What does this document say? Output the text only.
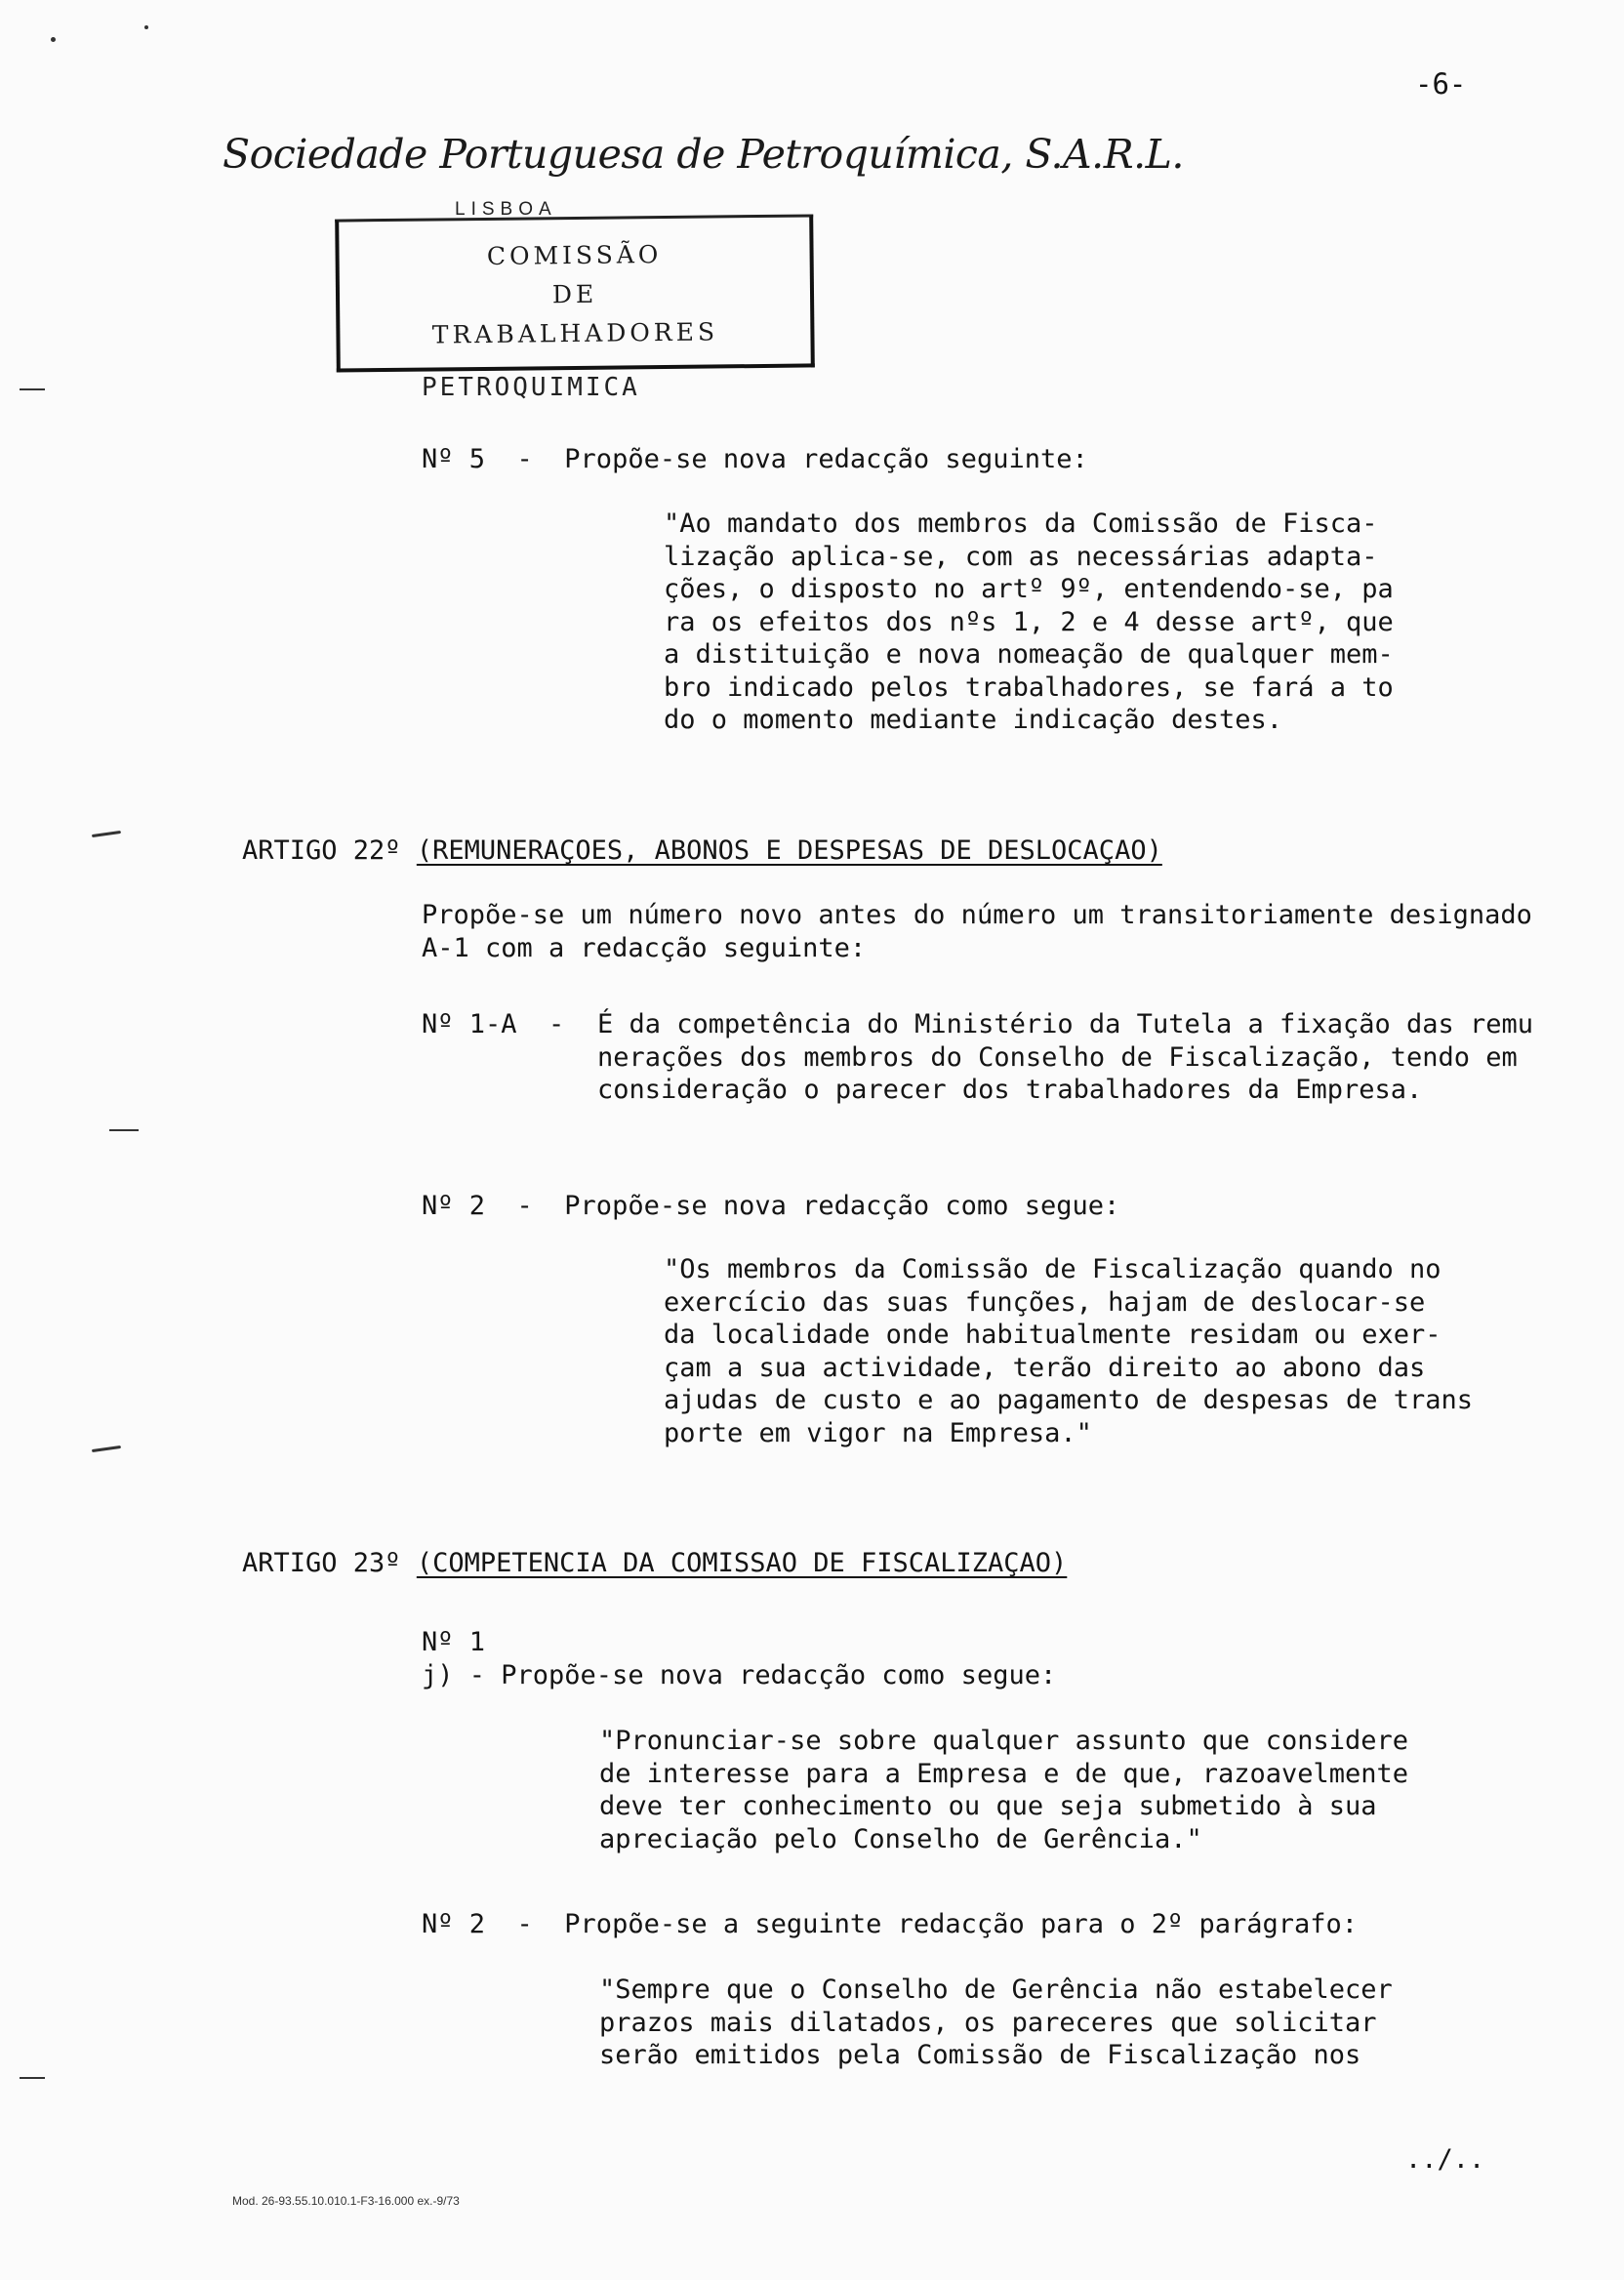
-6-
Sociedade Portuguesa de Petroquímica, S.A.R.L.
LISBOA
COMISSÃO
DE
TRABALHADORES
PETROQUIMICA
Nº 5  -  Propõe-se nova redacção seguinte:
"Ao mandato dos membros da Comissão de Fisca-
lização aplica-se, com as necessárias adapta-
ções, o disposto no artº 9º, entendendo-se, pa
ra os efeitos dos nºs 1, 2 e 4 desse artº, que
a distituição e nova nomeação de qualquer mem-
bro indicado pelos trabalhadores, se fará a to
do o momento mediante indicação destes.
ARTIGO 22º (REMUNERAÇOES, ABONOS E DESPESAS DE DESLOCAÇAO)
Propõe-se um número novo antes do número um transitoriamente designado
A-1 com a redacção seguinte:
Nº 1-A  - É da competência do Ministério da Tutela a fixação das remu
nerações dos membros do Conselho de Fiscalização, tendo em
consideração o parecer dos trabalhadores da Empresa.
Nº 2  -  Propõe-se nova redacção como segue:
"Os membros da Comissão de Fiscalização quando no
exercício das suas funções, hajam de deslocar-se
da localidade onde habitualmente residam ou exer-
çam a sua actividade, terão direito ao abono das
ajudas de custo e ao pagamento de despesas de trans
porte em vigor na Empresa."
ARTIGO 23º (COMPETENCIA DA COMISSAO DE FISCALIZAÇAO)
Nº 1
j) - Propõe-se nova redacção como segue:
"Pronunciar-se sobre qualquer assunto que considere
de interesse para a Empresa e de que, razoavelmente
deve ter conhecimento ou que seja submetido à sua
apreciação pelo Conselho de Gerência."
Nº 2  -  Propõe-se a seguinte redacção para o 2º parágrafo:
"Sempre que o Conselho de Gerência não estabelecer
prazos mais dilatados, os pareceres que solicitar
serão emitidos pela Comissão de Fiscalização nos
../..
Mod. 26-93.55.10.010.1-F3-16.000 ex.-9/73
